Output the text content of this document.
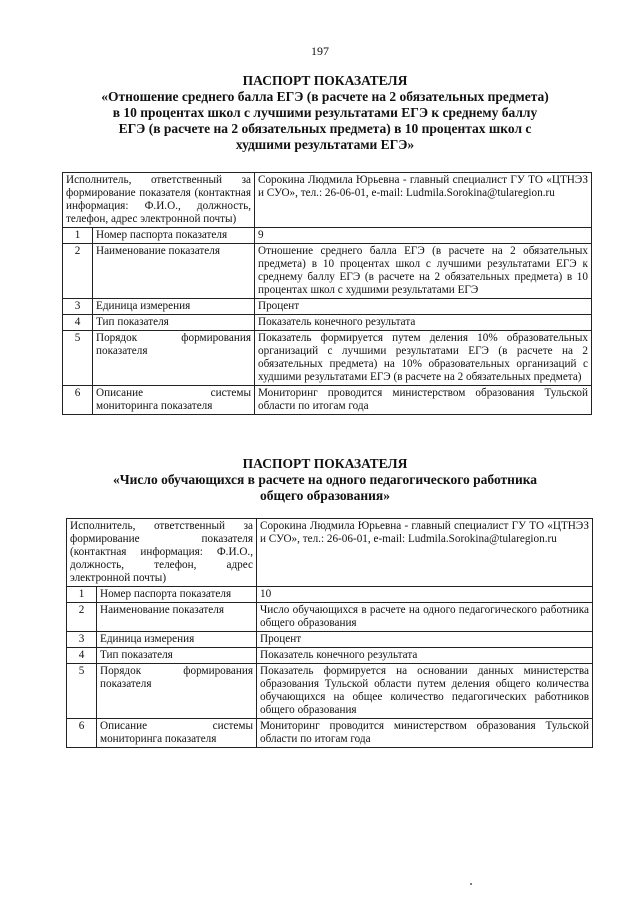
197
ПАСПОРТ ПОКАЗАТЕЛЯ
«Отношение среднего балла ЕГЭ (в расчете на 2 обязательных предмета)
в 10 процентах школ с лучшими результатами ЕГЭ к среднему баллу
ЕГЭ (в расчете на 2 обязательных предмета) в 10 процентах школ с
худшими результатами ЕГЭ»
Исполнитель, ответственный за формирование показателя (контактная информация: Ф.И.О., должность, телефон, адрес электронной почты)		Сорокина Людмила Юрьевна - главный специалист ГУ ТО «ЦТНЭЗ и СУО», тел.: 26-06-01, e-mail: Ludmila.Sorokina@tularegion.ru
1	Номер паспорта показателя	9
2	Наименование показателя	Отношение среднего балла ЕГЭ (в расчете на 2 обязательных предмета) в 10 процентах школ с лучшими результатами ЕГЭ к среднему баллу ЕГЭ (в расчете на 2 обязательных предмета) в 10 процентах школ с худшими результатами ЕГЭ
3	Единица измерения	Процент
4	Тип показателя	Показатель конечного результата
5	Порядок формирования показателя	Показатель формируется путем деления 10% образовательных организаций с лучшими результатами ЕГЭ (в расчете на 2 обязательных предмета) на 10% образовательных организаций с худшими результатами ЕГЭ (в расчете на 2 обязательных предмета)
6	Описание системы мониторинга показателя	Мониторинг проводится министерством образования Тульской области по итогам года
ПАСПОРТ ПОКАЗАТЕЛЯ
«Число обучающихся в расчете на одного педагогического работника
общего образования»
Исполнитель, ответственный за формирование показателя (контактная информация: Ф.И.О., должность, телефон, адрес электронной почты)		Сорокина Людмила Юрьевна - главный специалист ГУ ТО «ЦТНЭЗ и СУО», тел.: 26-06-01, e-mail: Ludmila.Sorokina@tularegion.ru
1	Номер паспорта показателя	10
2	Наименование показателя	Число обучающихся в расчете на одного педагогического работника общего образования
3	Единица измерения	Процент
4	Тип показателя	Показатель конечного результата
5	Порядок формирования показателя	Показатель формируется на основании данных министерства образования Тульской области путем деления общего количества обучающихся на общее количество педагогических работников общего образования
6	Описание системы мониторинга показателя	Мониторинг проводится министерством образования Тульской области по итогам года
